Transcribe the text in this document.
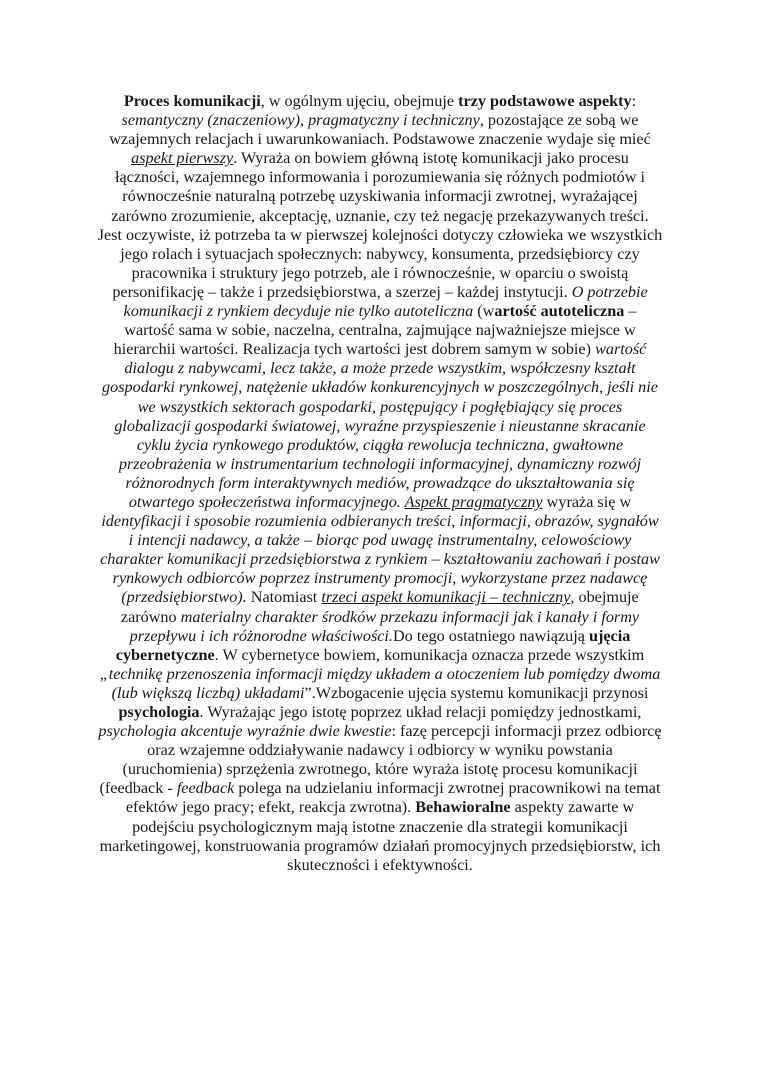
Proces komunikacji, w ogólnym ujęciu, obejmuje trzy podstawowe aspekty:
semantyczny (znaczeniowy), pragmatyczny i techniczny, pozostające ze sobą we
wzajemnych relacjach i uwarunkowaniach. Podstawowe znaczenie wydaje się mieć
aspekt pierwszy. Wyraża on bowiem główną istotę komunikacji jako procesu
łączności, wzajemnego informowania i porozumiewania się różnych podmiotów i
równocześnie naturalną potrzebę uzyskiwania informacji zwrotnej, wyrażającej
zarówno zrozumienie, akceptację, uznanie, czy też negację przekazywanych treści.
Jest oczywiste, iż potrzeba ta w pierwszej kolejności dotyczy człowieka we wszystkich
jego rolach i sytuacjach społecznych: nabywcy, konsumenta, przedsiębiorcy czy
pracownika i struktury jego potrzeb, ale i równocześnie, w oparciu o swoistą
personifikację – także i przedsiębiorstwa, a szerzej – każdej instytucji. O potrzebie
komunikacji z rynkiem decyduje nie tylko autoteliczna (wartość autoteliczna –
wartość sama w sobie, naczelna, centralna, zajmujące najważniejsze miejsce w
hierarchii wartości. Realizacja tych wartości jest dobrem samym w sobie) wartość
dialogu z nabywcami, lecz także, a może przede wszystkim, współczesny kształt
gospodarki rynkowej, natężenie układów konkurencyjnych w poszczególnych, jeśli nie
we wszystkich sektorach gospodarki, postępujący i pogłębiający się proces
globalizacji gospodarki światowej, wyraźne przyspieszenie i nieustanne skracanie
cyklu życia rynkowego produktów, ciągła rewolucja techniczna, gwałtowne
przeobrażenia w instrumentarium technologii informacyjnej, dynamiczny rozwój
różnorodnych form interaktywnych mediów, prowadzące do ukształtowania się
otwartego społeczeństwa informacyjnego. Aspekt pragmatyczny wyraża się w
identyfikacji i sposobie rozumienia odbieranych treści, informacji, obrazów, sygnałów
i intencji nadawcy, a także – biorąc pod uwagę instrumentalny, celowościowy
charakter komunikacji przedsiębiorstwa z rynkiem – kształtowaniu zachowań i postaw
rynkowych odbiorców poprzez instrumenty promocji, wykorzystane przez nadawcę
(przedsiębiorstwo). Natomiast trzeci aspekt komunikacji – techniczny, obejmuje
zarówno materialny charakter środków przekazu informacji jak i kanały i formy
przepływu i ich różnorodne właściwości.Do tego ostatniego nawiązują ujęcia
cybernetyczne. W cybernetyce bowiem, komunikacja oznacza przede wszystkim
„technikę przenoszenia informacji między układem a otoczeniem lub pomiędzy dwoma
(lub większą liczbą) układami”.Wzbogacenie ujęcia systemu komunikacji przynosi
psychologia. Wyrażając jego istotę poprzez układ relacji pomiędzy jednostkami,
psychologia akcentuje wyraźnie dwie kwestie: fazę percepcji informacji przez odbiorcę
oraz wzajemne oddziaływanie nadawcy i odbiorcy w wyniku powstania
(uruchomienia) sprzężenia zwrotnego, które wyraża istotę procesu komunikacji
(feedback - feedback polega na udzielaniu informacji zwrotnej pracownikowi na temat
efektów jego pracy; efekt, reakcja zwrotna). Behawioralne aspekty zawarte w
podejściu psychologicznym mają istotne znaczenie dla strategii komunikacji
marketingowej, konstruowania programów działań promocyjnych przedsiębiorstw, ich
skuteczności i efektywności.
